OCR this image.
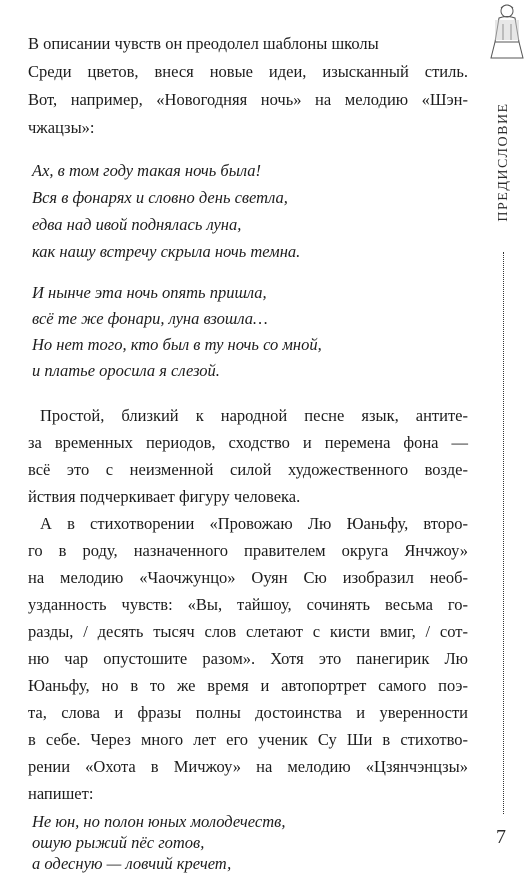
В описании чувств он преодолел шаблоны школы
Среди цветов, внеся новые идеи, изысканный стиль.
Вот, например, «Новогодняя ночь» на мелодию «Шэн-
чжацзы»:
Ах, в том году такая ночь была!
Вся в фонарях и словно день светла,
едва над ивой поднялась луна,
как нашу встречу скрыла ночь темна.
И нынче эта ночь опять пришла,
всё те же фонари, луна взошла…
Но нет того, кто был в ту ночь со мной,
и платье оросила я слезой.
Простой, близкий к народной песне язык, антите-
за временных периодов, сходство и перемена фона —
всё это с неизменной силой художественного возде-
йствия подчеркивает фигуру человека.
А в стихотворении «Провожаю Лю Юаньфу, второ-
го в роду, назначенного правителем округа Янчжоу»
на мелодию «Чаочжунцо» Оуян Сю изобразил необ-
узданность чувств: «Вы, тайшоу, сочинять весьма го-
разды, / десять тысяч слов слетают с кисти вмиг, / сот-
ню чар опустошите разом». Хотя это панегирик Лю
Юаньфу, но в то же время и автопортрет самого поэ-
та, слова и фразы полны достоинства и уверенности
в себе. Через много лет его ученик Су Ши в стихотво-
рении «Охота в Мичжоу» на мелодию «Цзянчэнцзы»
напишет:
Не юн, но полон юных молодечеств,
ошую рыжий пёс готов,
а одесную — ловчий кречет,
ПРЕДИСЛОВИЕ
7
